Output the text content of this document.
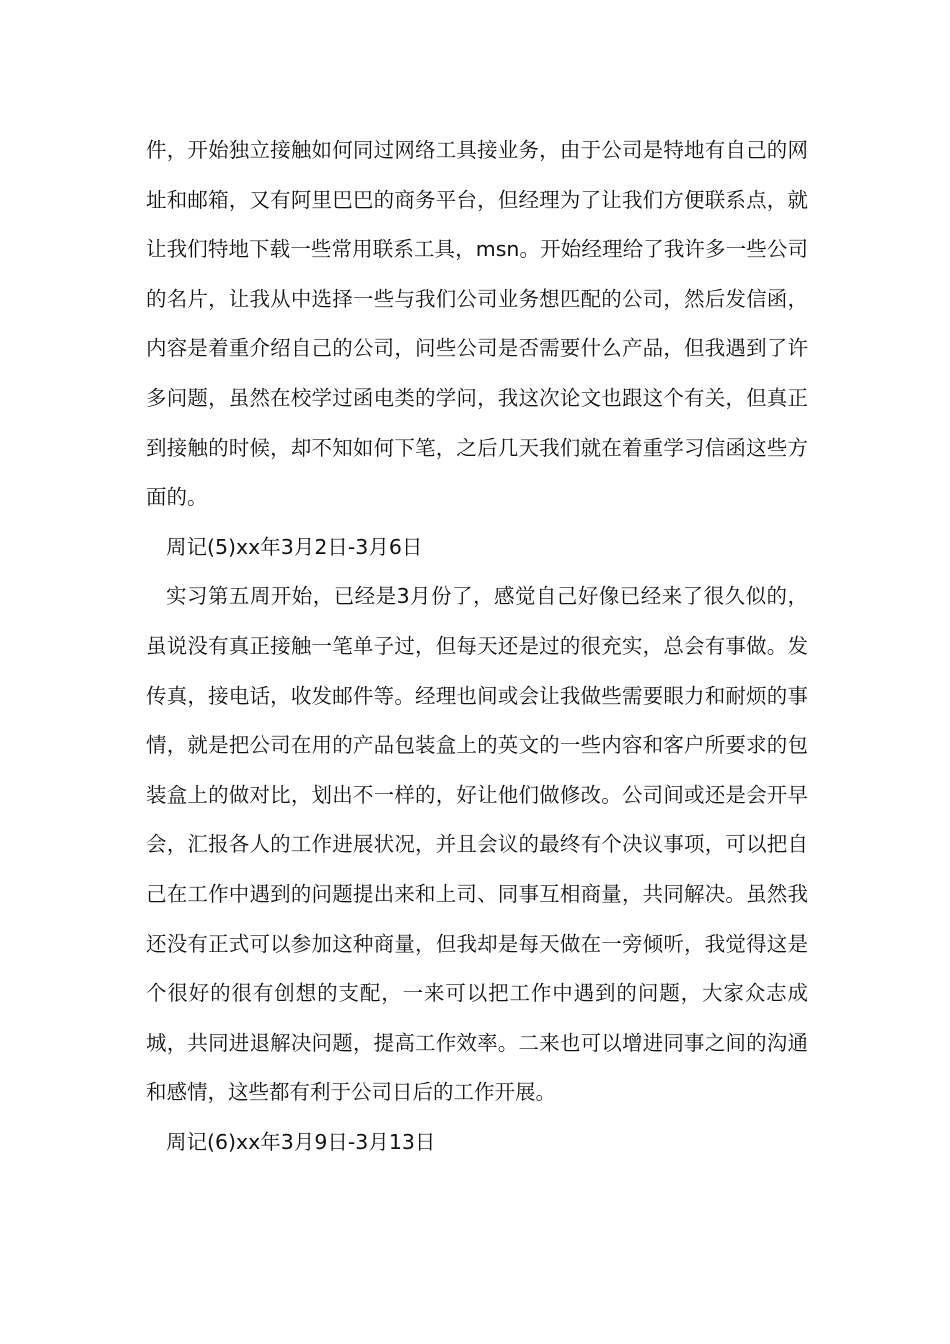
件，开始独立接触如何同过网络工具接业务，由于公司是特地有自己的网址和邮箱，又有阿里巴巴的商务平台，但经理为了让我们方便联系点，就让我们特地下载一些常用联系工具，msn。开始经理给了我许多一些公司的名片，让我从中选择一些与我们公司业务想匹配的公司，然后发信函，内容是着重介绍自己的公司，问些公司是否需要什么产品，但我遇到了许多问题，虽然在校学过函电类的学问，我这次论文也跟这个有关，但真正到接触的时候，却不知如何下笔，之后几天我们就在着重学习信函这些方面的。

周记(5)xx年3月2日-3月6日

实习第五周开始，已经是3月份了，感觉自己好像已经来了很久似的，虽说没有真正接触一笔单子过，但每天还是过的很充实，总会有事做。发传真，接电话，收发邮件等。经理也间或会让我做些需要眼力和耐烦的事情，就是把公司在用的产品包装盒上的英文的一些内容和客户所要求的包装盒上的做对比，划出不一样的，好让他们做修改。公司间或还是会开早会，汇报各人的工作进展状况，并且会议的最终有个决议事项，可以把自己在工作中遇到的问题提出来和上司、同事互相商量，共同解决。虽然我还没有正式可以参加这种商量，但我却是每天做在一旁倾听，我觉得这是个很好的很有创想的支配，一来可以把工作中遇到的问题，大家众志成城，共同进退解决问题，提高工作效率。二来也可以增进同事之间的沟通和感情，这些都有利于公司日后的工作开展。

周记(6)xx年3月9日-3月13日
